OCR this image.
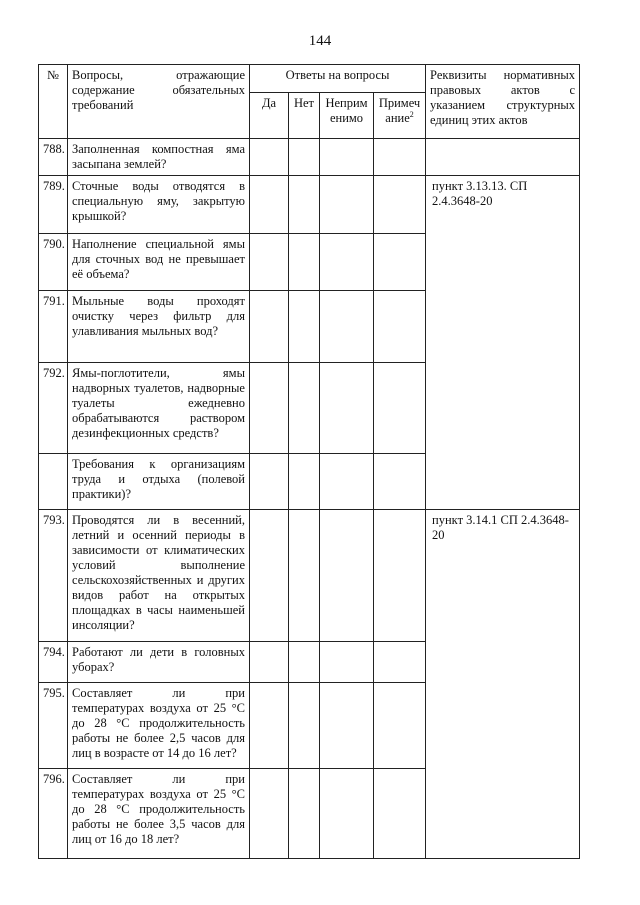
144
№	Вопросы, отражающие содержание обязательных требований	Ответы на вопросы				Реквизиты нормативных правовых актов с указанием структурных единиц этих актов
		Да	Нет	Неприм енимо	Примеч ание$^2$
788.	Заполненная компостная яма засыпана землей?					
789.	Сточные воды отводятся в специальную яму, закрытую крышкой?					пункт 3.13.13. СП 2.4.3648-20
790.	Наполнение специальной ямы для сточных вод не превышает её объема?					
791.	Мыльные воды проходят очистку через фильтр для улавливания мыльных вод?					
792.	Ямы-поглотители, ямы надворных туалетов, надворные туалеты ежедневно обрабатываются раствором дезинфекционных средств?					
	Требования к организациям труда и отдыха (полевой практики)?					
793.	Проводятся ли в весенний, летний и осенний периоды в зависимости от климатических условий выполнение сельскохозяйственных и других видов работ на открытых площадках в часы наименьшей инсоляции?					пункт 3.14.1 СП 2.4.3648-20
794.	Работают ли дети в головных уборах?					
795.	Составляет ли при температурах воздуха от 25 °С до 28 °С продолжительность работы не более 2,5 часов для лиц в возрасте от 14 до 16 лет?					
796.	Составляет ли при температурах воздуха от 25 °С до 28 °С продолжительность работы не более 3,5 часов для лиц от 16 до 18 лет?					
